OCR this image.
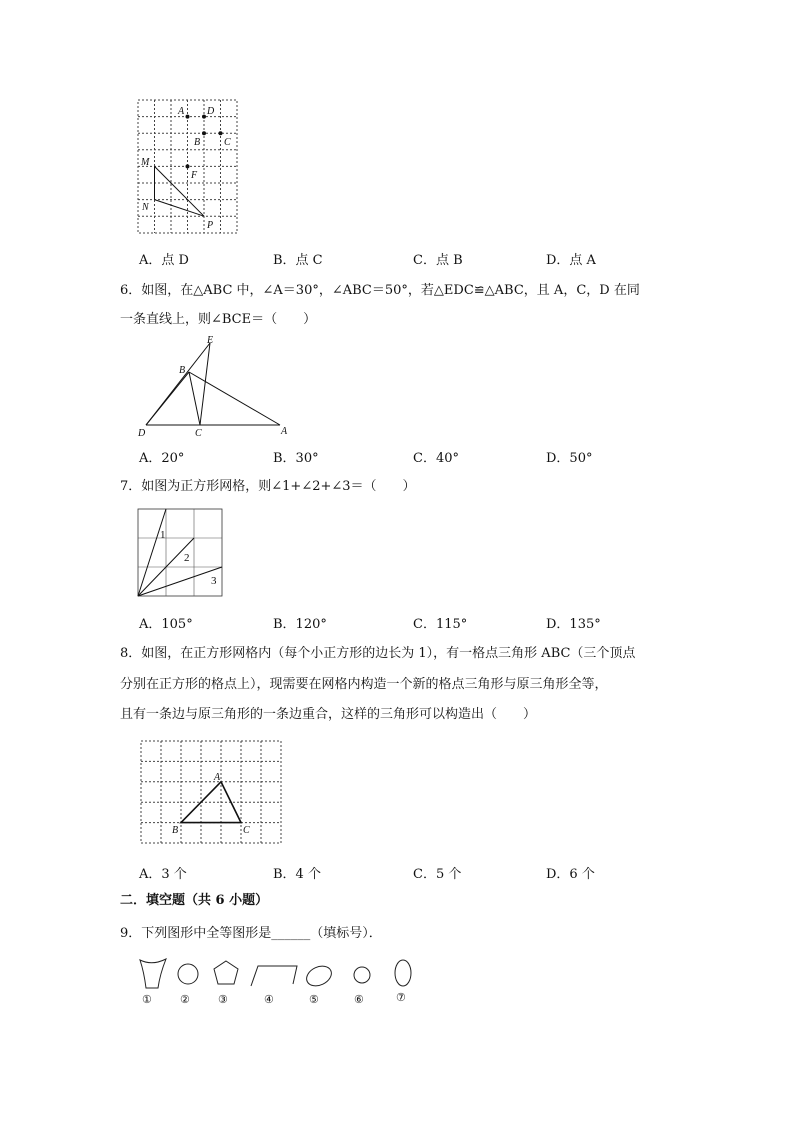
A D
B C
M
F
N
P
A．点 D	B．点 C	C．点 B	D．点 A
6．如图，在△ABC 中，∠A＝30°，∠ABC＝50°，若△EDC≌△ABC，且 A，C，D 在同
一条直线上，则∠BCE＝（　　）
E
B
D	C	A
A．20°	B．30°	C．40°	D．50°
7．如图为正方形网格，则∠1+∠2+∠3＝（　　）
1
2
3
A．105°	B．120°	C．115°	D．135°
8．如图，在正方形网格内（每个小正方形的边长为 1），有一格点三角形 ABC（三个顶点
分别在正方形的格点上），现需要在网格内构造一个新的格点三角形与原三角形全等，
且有一条边与原三角形的一条边重合，这样的三角形可以构造出（　　）
A
B	C
A．3 个	B．4 个	C．5 个	D．6 个
二．填空题（共 6 小题）
9．下列图形中全等图形是______（填标号）．
①	②	③	④	⑤	⑥	⑦
